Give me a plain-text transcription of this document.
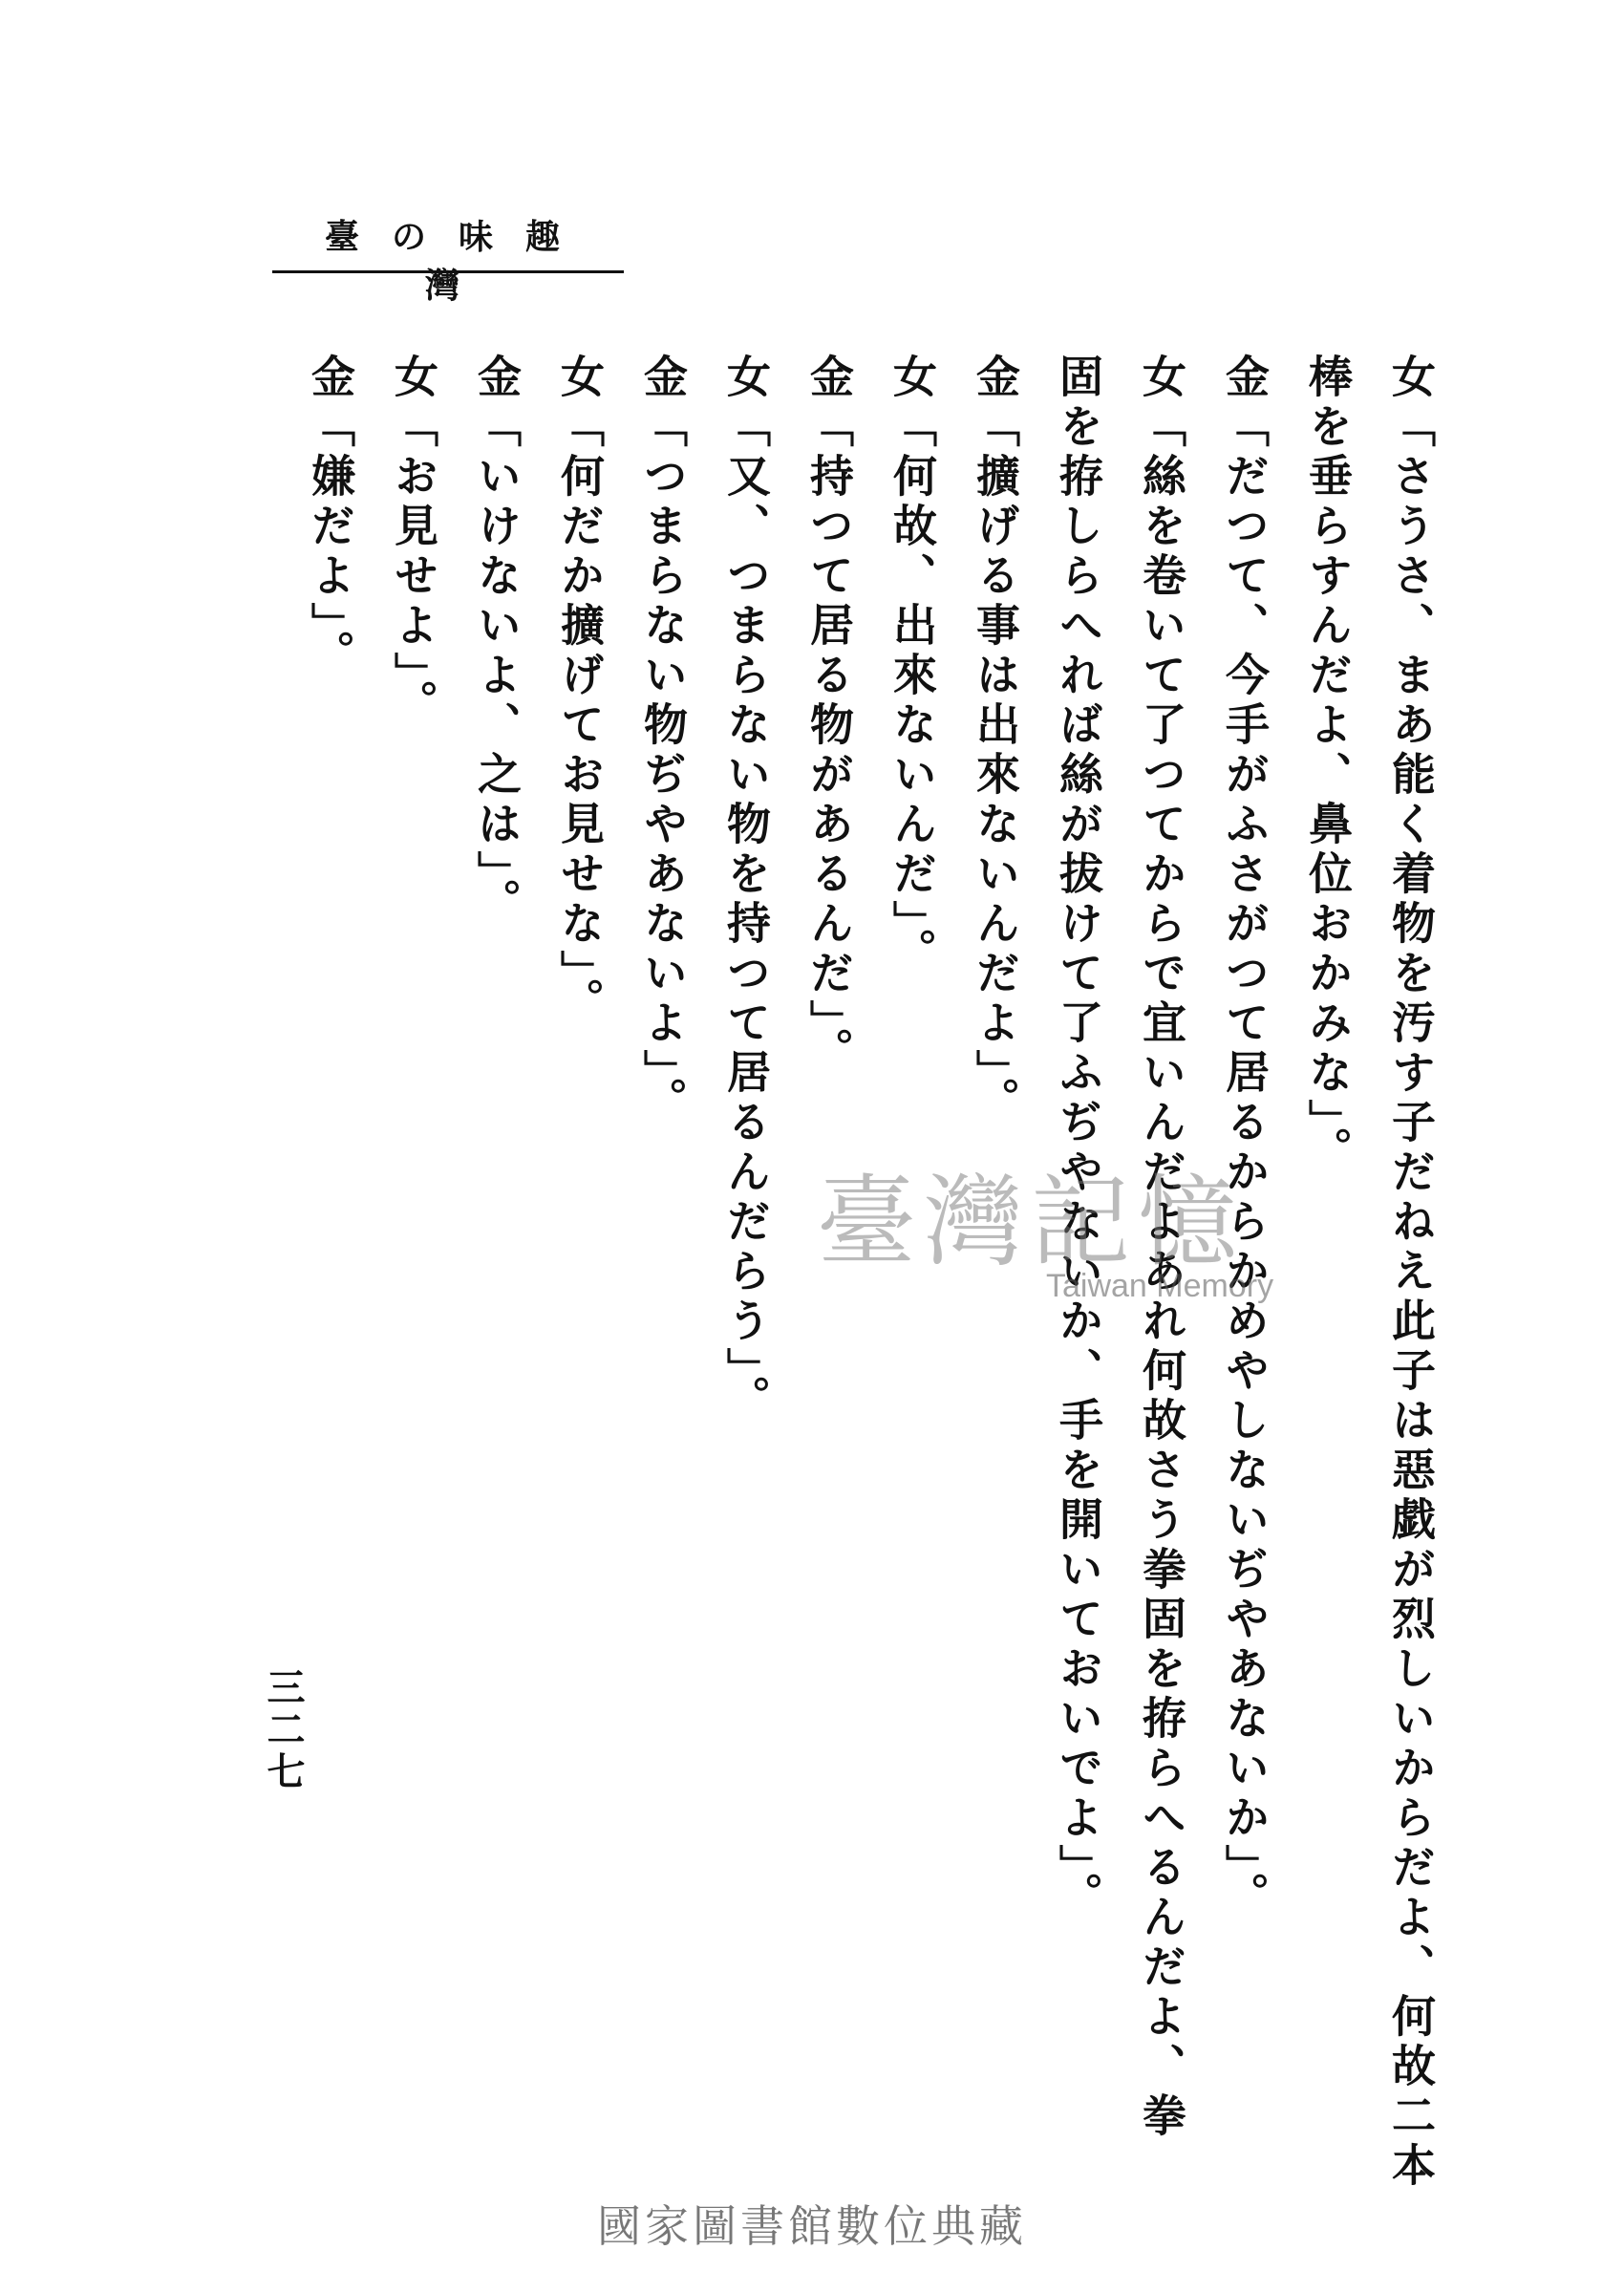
趣味の臺灣
女「さうさ、まあ能く着物を汚す子だねえ此子は惡戯が烈しいからだよ、何故二本
棒を垂らすんだよ、鼻位おかみな」。
金「だつて、今手がふさがつて居るからかめやしないぢやあないか」。
女「絲を卷いて了つてからで宜いんだよあれ何故さう拳固を拵らへるんだよ、拳
固を拵しらへれば絲が拔けて了ふぢやないか、手を開いておいでよ」。
金「擴げる事は出來ないんだよ」。
女「何故、出來ないんだ」。
金「持つて居る物があるんだ」。
女「又、つまらない物を持つて居るんだらう」。
金「つまらない物ぢやあないよ」。
女「何だか擴げてお見せな」。
金「いけないよ、之は」。
女「お見せよ」。
金「嫌だよ」。
三二七
臺灣記憶
Taiwan Memory
國家圖書館數位典藏
